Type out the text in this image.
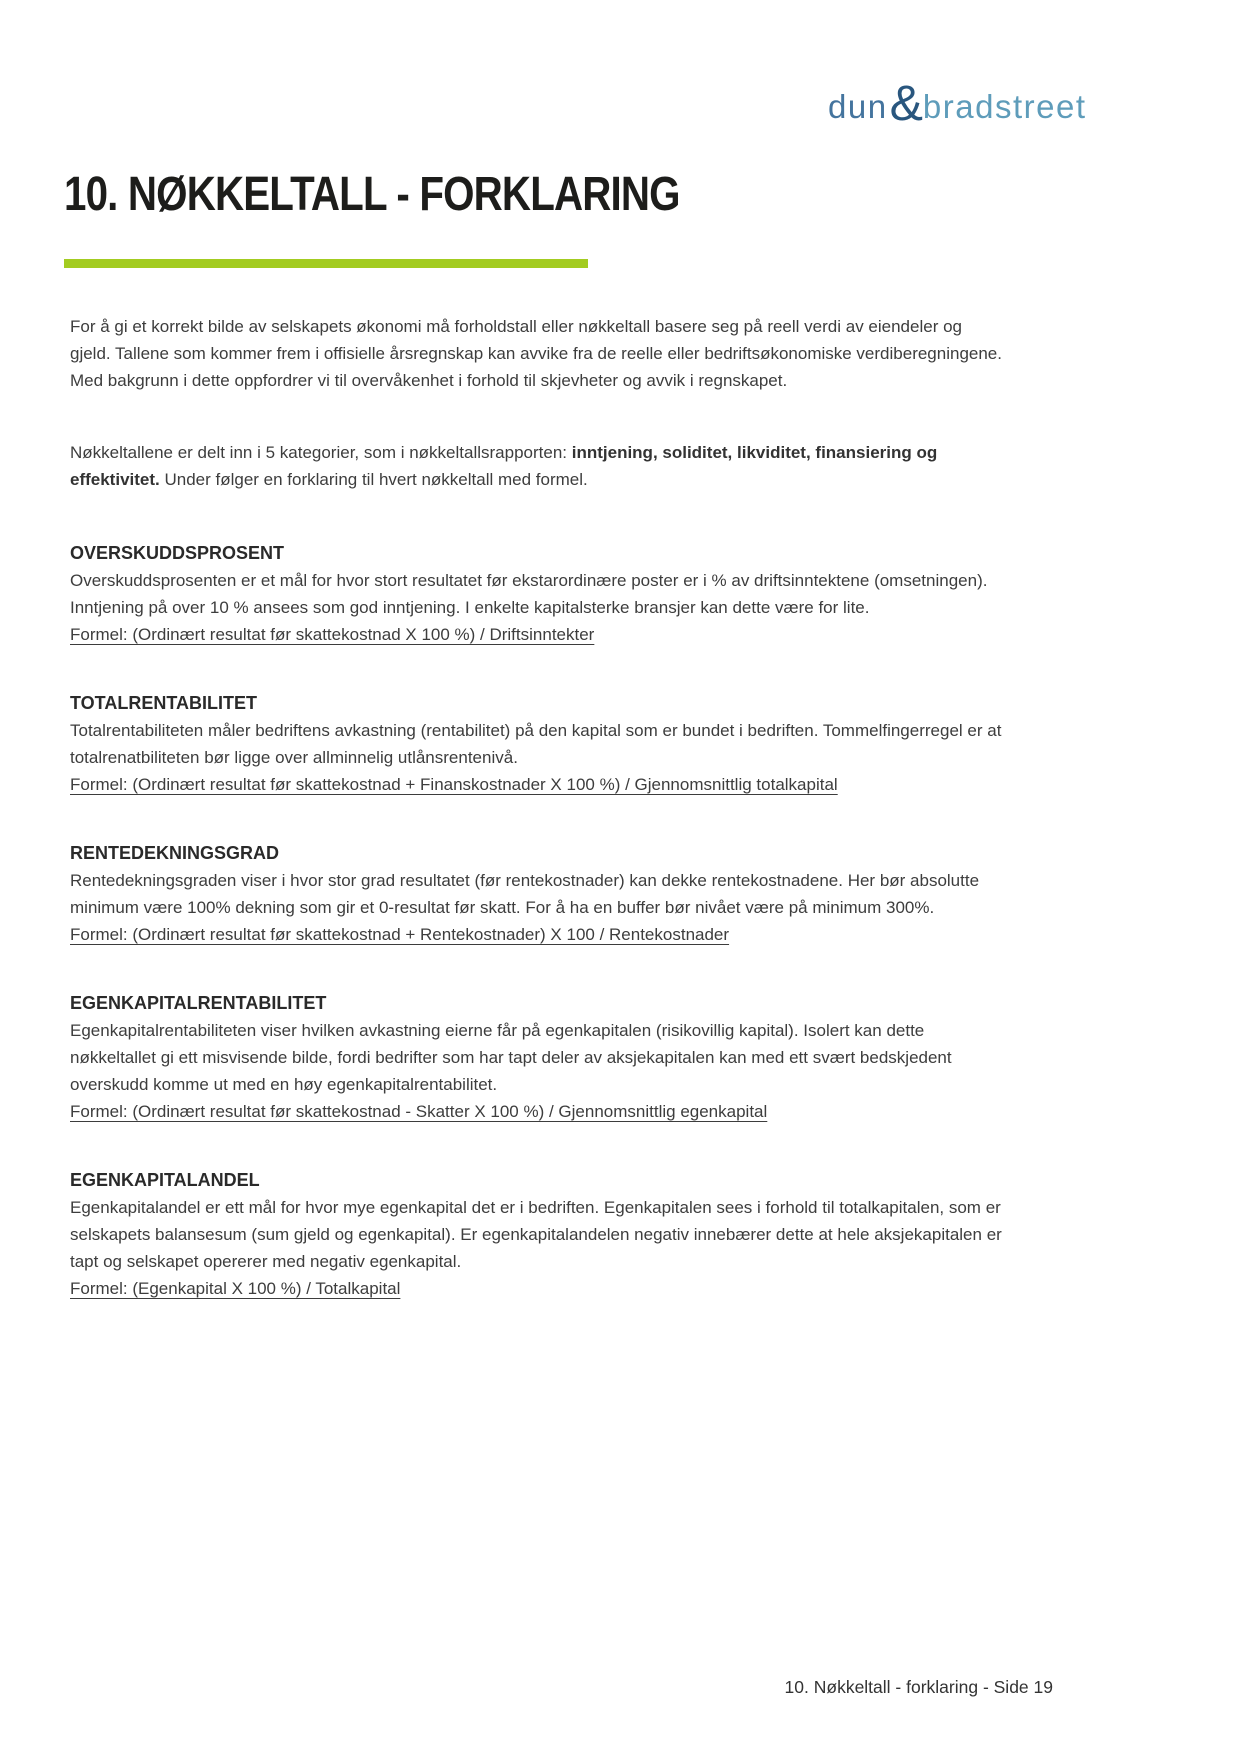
dun & bradstreet
10. NØKKELTALL - FORKLARING

For å gi et korrekt bilde av selskapets økonomi må forholdstall eller nøkkeltall basere seg på reell verdi av eiendeler og gjeld. Tallene som kommer frem i offisielle årsregnskap kan avvike fra de reelle eller bedriftsøkonomiske verdiberegningene. Med bakgrunn i dette oppfordrer vi til overvåkenhet i forhold til skjevheter og avvik i regnskapet.

Nøkkeltallene er delt inn i 5 kategorier, som i nøkkeltallsrapporten: inntjening, soliditet, likviditet, finansiering og effektivitet. Under følger en forklaring til hvert nøkkeltall med formel.

OVERSKUDDSPROSENT
Overskuddsprosenten er et mål for hvor stort resultatet før ekstarordinære poster er i % av driftsinntektene (omsetningen). Inntjening på over 10 % ansees som god inntjening. I enkelte kapitalsterke bransjer kan dette være for lite.
Formel: (Ordinært resultat før skattekostnad X 100 %) / Driftsinntekter
TOTALRENTABILITET
Totalrentabiliteten måler bedriftens avkastning (rentabilitet) på den kapital som er bundet i bedriften. Tommelfingerregel er at totalrenatbiliteten bør ligge over allminnelig utlånsrentenivå.
Formel: (Ordinært resultat før skattekostnad + Finanskostnader X 100 %) / Gjennomsnittlig totalkapital
RENTEDEKNINGSGRAD
Rentedekningsgraden viser i hvor stor grad resultatet (før rentekostnader) kan dekke rentekostnadene. Her bør absolutte minimum være 100% dekning som gir et 0-resultat før skatt. For å ha en buffer bør nivået være på minimum 300%.
Formel: (Ordinært resultat før skattekostnad + Rentekostnader) X 100 / Rentekostnader
EGENKAPITALRENTABILITET
Egenkapitalrentabiliteten viser hvilken avkastning eierne får på egenkapitalen (risikovillig kapital). Isolert kan dette nøkkeltallet gi ett misvisende bilde, fordi bedrifter som har tapt deler av aksjekapitalen kan med ett svært bedskjedent overskudd komme ut med en høy egenkapitalrentabilitet.
Formel: (Ordinært resultat før skattekostnad - Skatter X 100 %) / Gjennomsnittlig egenkapital
EGENKAPITALANDEL
Egenkapitalandel er ett mål for hvor mye egenkapital det er i bedriften. Egenkapitalen sees i forhold til totalkapitalen, som er selskapets balansesum (sum gjeld og egenkapital). Er egenkapitalandelen negativ innebærer dette at hele aksjekapitalen er tapt og selskapet opererer med negativ egenkapital.
Formel: (Egenkapital X 100 %) / Totalkapital
10. Nøkkeltall - forklaring - Side 19
